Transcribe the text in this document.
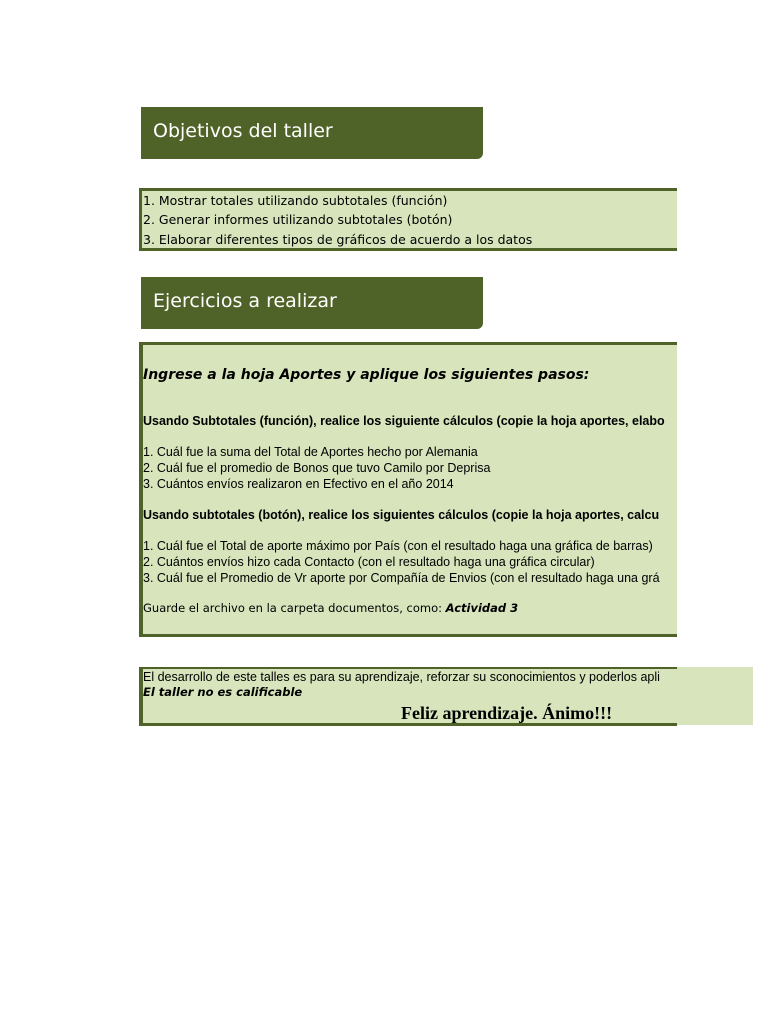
Objetivos del taller
1. Mostrar totales utilizando subtotales (función)
2. Generar informes utilizando subtotales (botón)
3. Elaborar diferentes tipos de gráficos de acuerdo a los datos
Ejercicios a realizar
Ingrese a la hoja Aportes y aplique los siguientes pasos:
Usando Subtotales (función), realice los siguiente cálculos (copie la hoja aportes, elabo
1. Cuál fue la suma del Total de Aportes hecho por Alemania
2. Cuál fue el promedio de Bonos que tuvo Camilo por Deprisa
3. Cuántos envíos realizaron en Efectivo en el año 2014
Usando subtotales (botón), realice los siguientes cálculos (copie la hoja aportes, calcu
1. Cuál fue el Total de aporte máximo por País (con el resultado haga una gráfica de barras)
2. Cuántos envíos hizo cada Contacto (con el resultado haga una gráfica circular)
3. Cuál fue el Promedio de Vr aporte por Compañía de Envios (con el resultado haga una grá
Guarde el archivo en la carpeta documentos, como: Actividad 3
El desarrollo de este talles es para su aprendizaje, reforzar su sconocimientos y poderlos apli
El taller no es calificable
Feliz aprendizaje. Ánimo!!!
